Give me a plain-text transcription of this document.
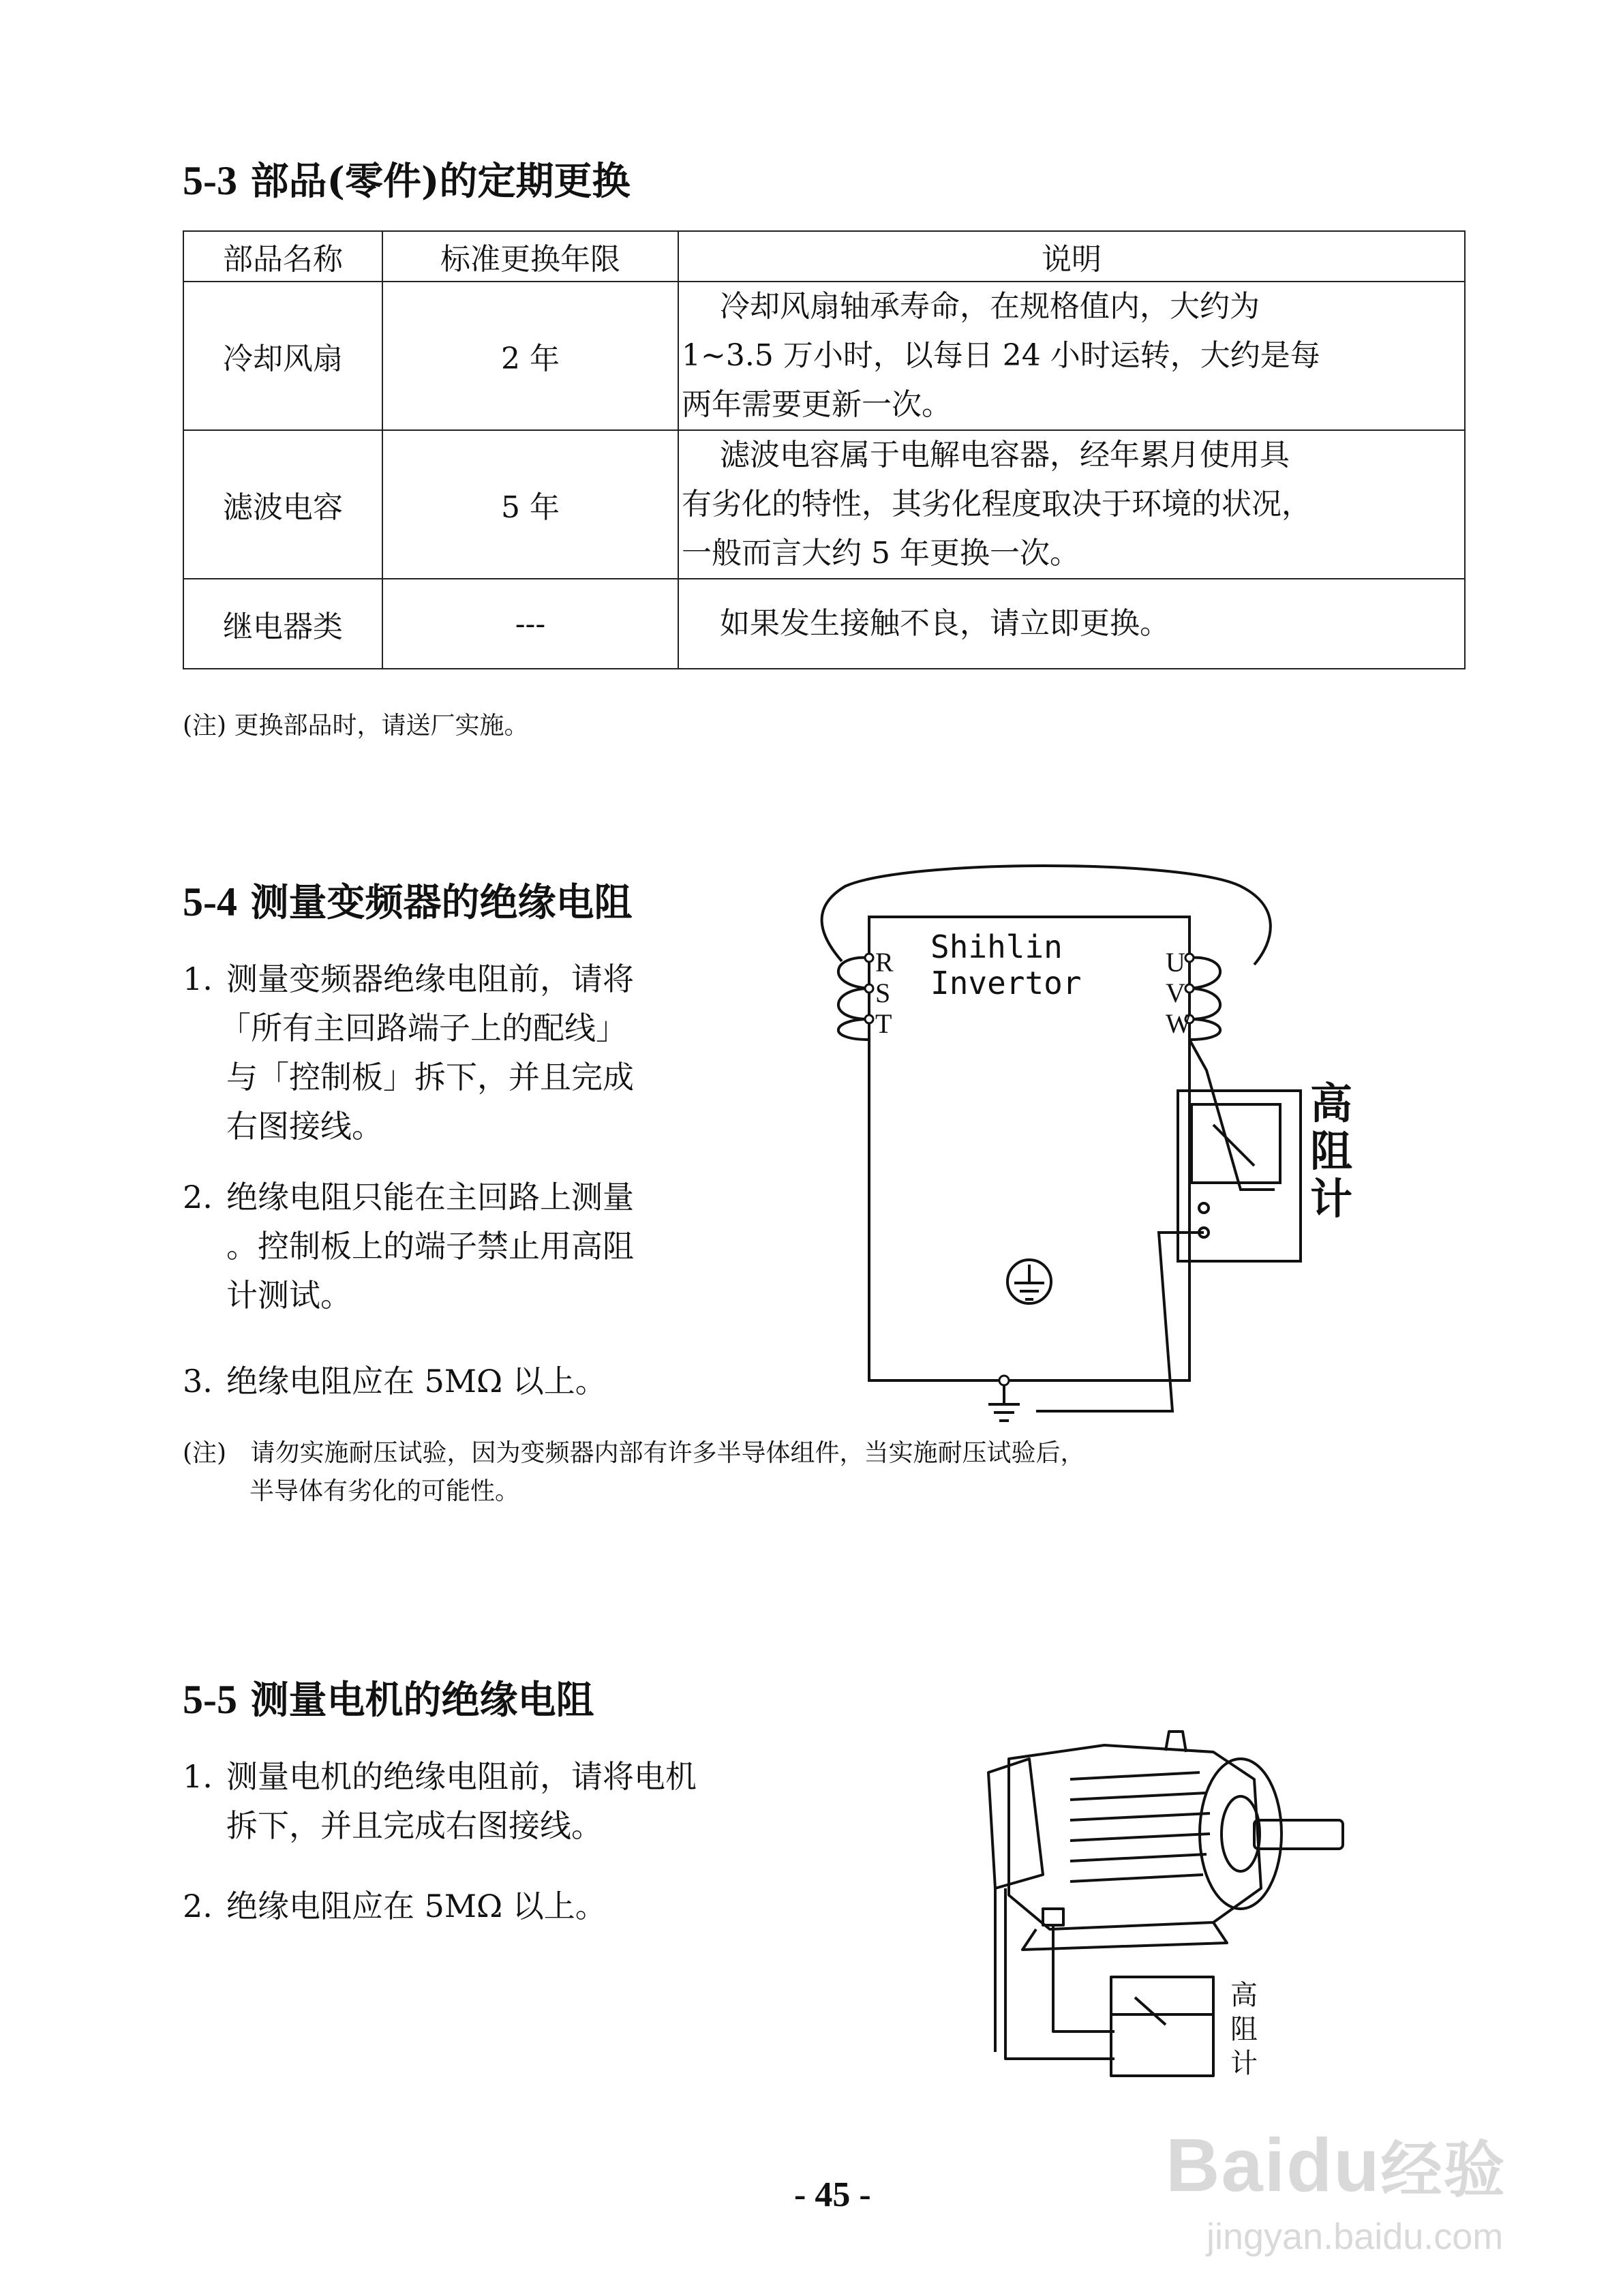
5-3 部品(零件)的定期更换
部品名称	标准更换年限	说明
冷却风扇	2 年	冷却风扇轴承寿命，在规格值内，大约为
1~3.5 万小时，以每日 24 小时运转，大约是每
两年需要更新一次。

滤波电容	5 年	滤波电容属于电解电容器，经年累月使用具
有劣化的特性，其劣化程度取决于环境的状况，
一般而言大约 5 年更换一次。

继电器类	---	如果发生接触不良，请立即更换。
(注) 更换部品时，请送厂实施。
5-4 测量变频器的绝缘电阻
1. 测量变频器绝缘电阻前，请将
「所有主回路端子上的配线」
与「控制板」拆下，并且完成
右图接线。
2. 绝缘电阻只能在主回路上测量
。控制板上的端子禁止用高阻
计测试。
3. 绝缘电阻应在 5MΩ 以上。
(注) 请勿实施耐压试验，因为变频器内部有许多半导体组件，当实施耐压试验后，
半导体有劣化的可能性。
Shihlin
Invertor
R
S
T
U
V
W
高
阻
计
5-5 测量电机的绝缘电阻
1. 测量电机的绝缘电阻前，请将电机
拆下，并且完成右图接线。
2. 绝缘电阻应在 5MΩ 以上。
高
阻
计
- 45 -	Baidu经验
jingyan.baidu.com
